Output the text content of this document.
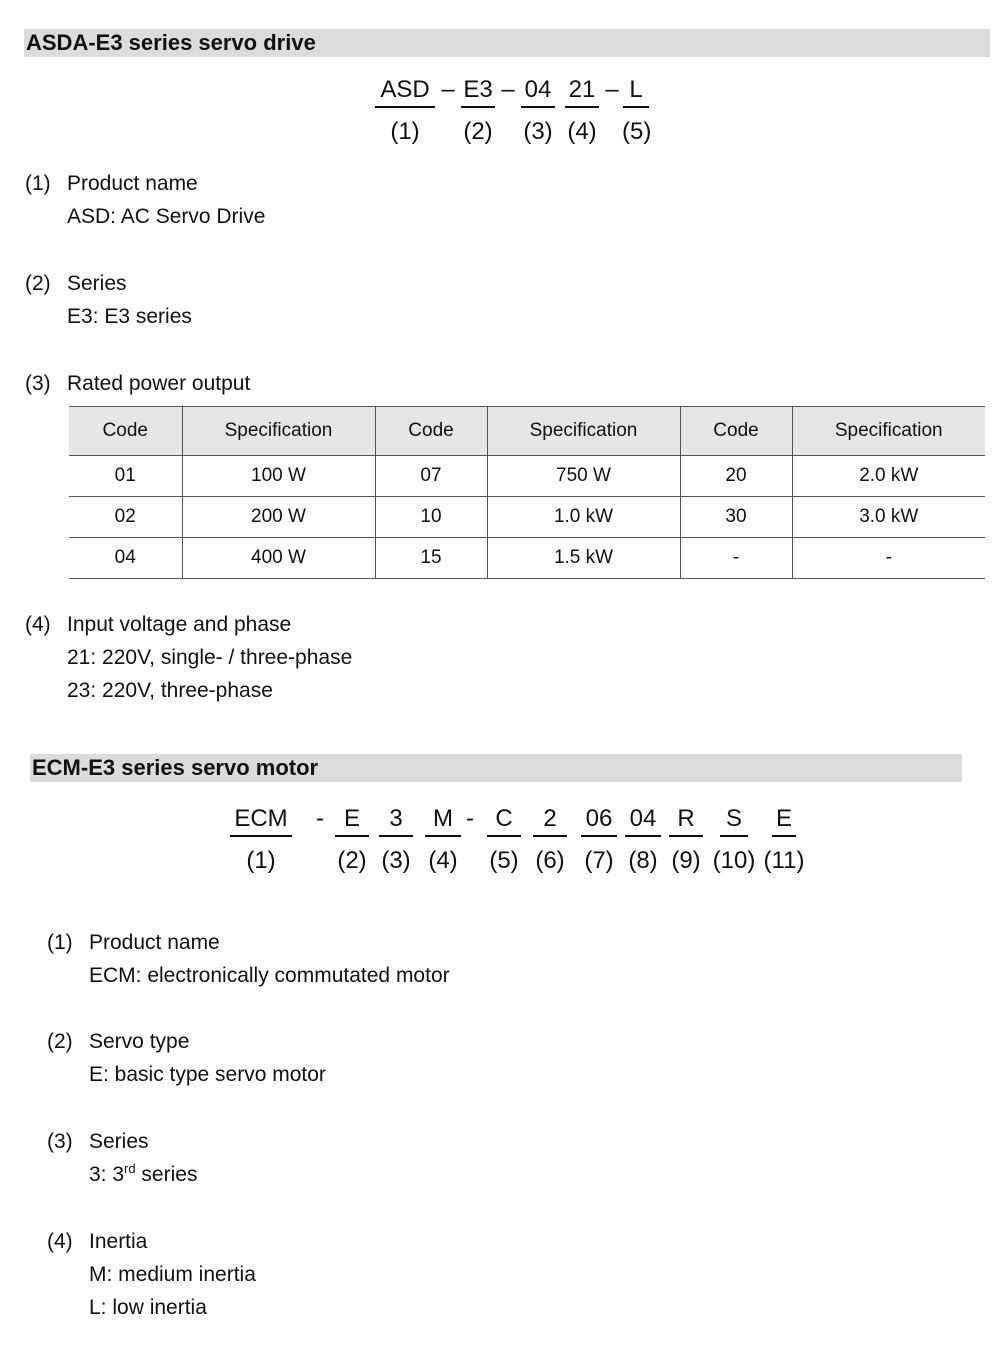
ASDA-E3 series servo drive
ASD
(1)
– E3
(2)
– 04
(3)
21
(4)
– L
(5)
(1) Product name
ASD: AC Servo Drive
(2) Series
E3: E3 series
(3) Rated power output
Code	Specification	Code	Specification	Code	Specification
01	100 W	07	750 W	20	2.0 kW
02	200 W	10	1.0 kW	30	3.0 kW
04	400 W	15	1.5 kW	-	-
(4) Input voltage and phase
21: 220V, single- / three-phase
23: 220V, three-phase
ECM-E3 series servo motor
ECM
(1)
- E
(2)
3
(3)
M
(4)
- C
(5)
2
(6)
06
(7)
04
(8)
R
(9)
S
(10)
E
(11)
(1) Product name
ECM: electronically commutated motor
(2) Servo type
E: basic type servo motor
(3) Series
3: 3rd series
(4) Inertia
M: medium inertia
L: low inertia
